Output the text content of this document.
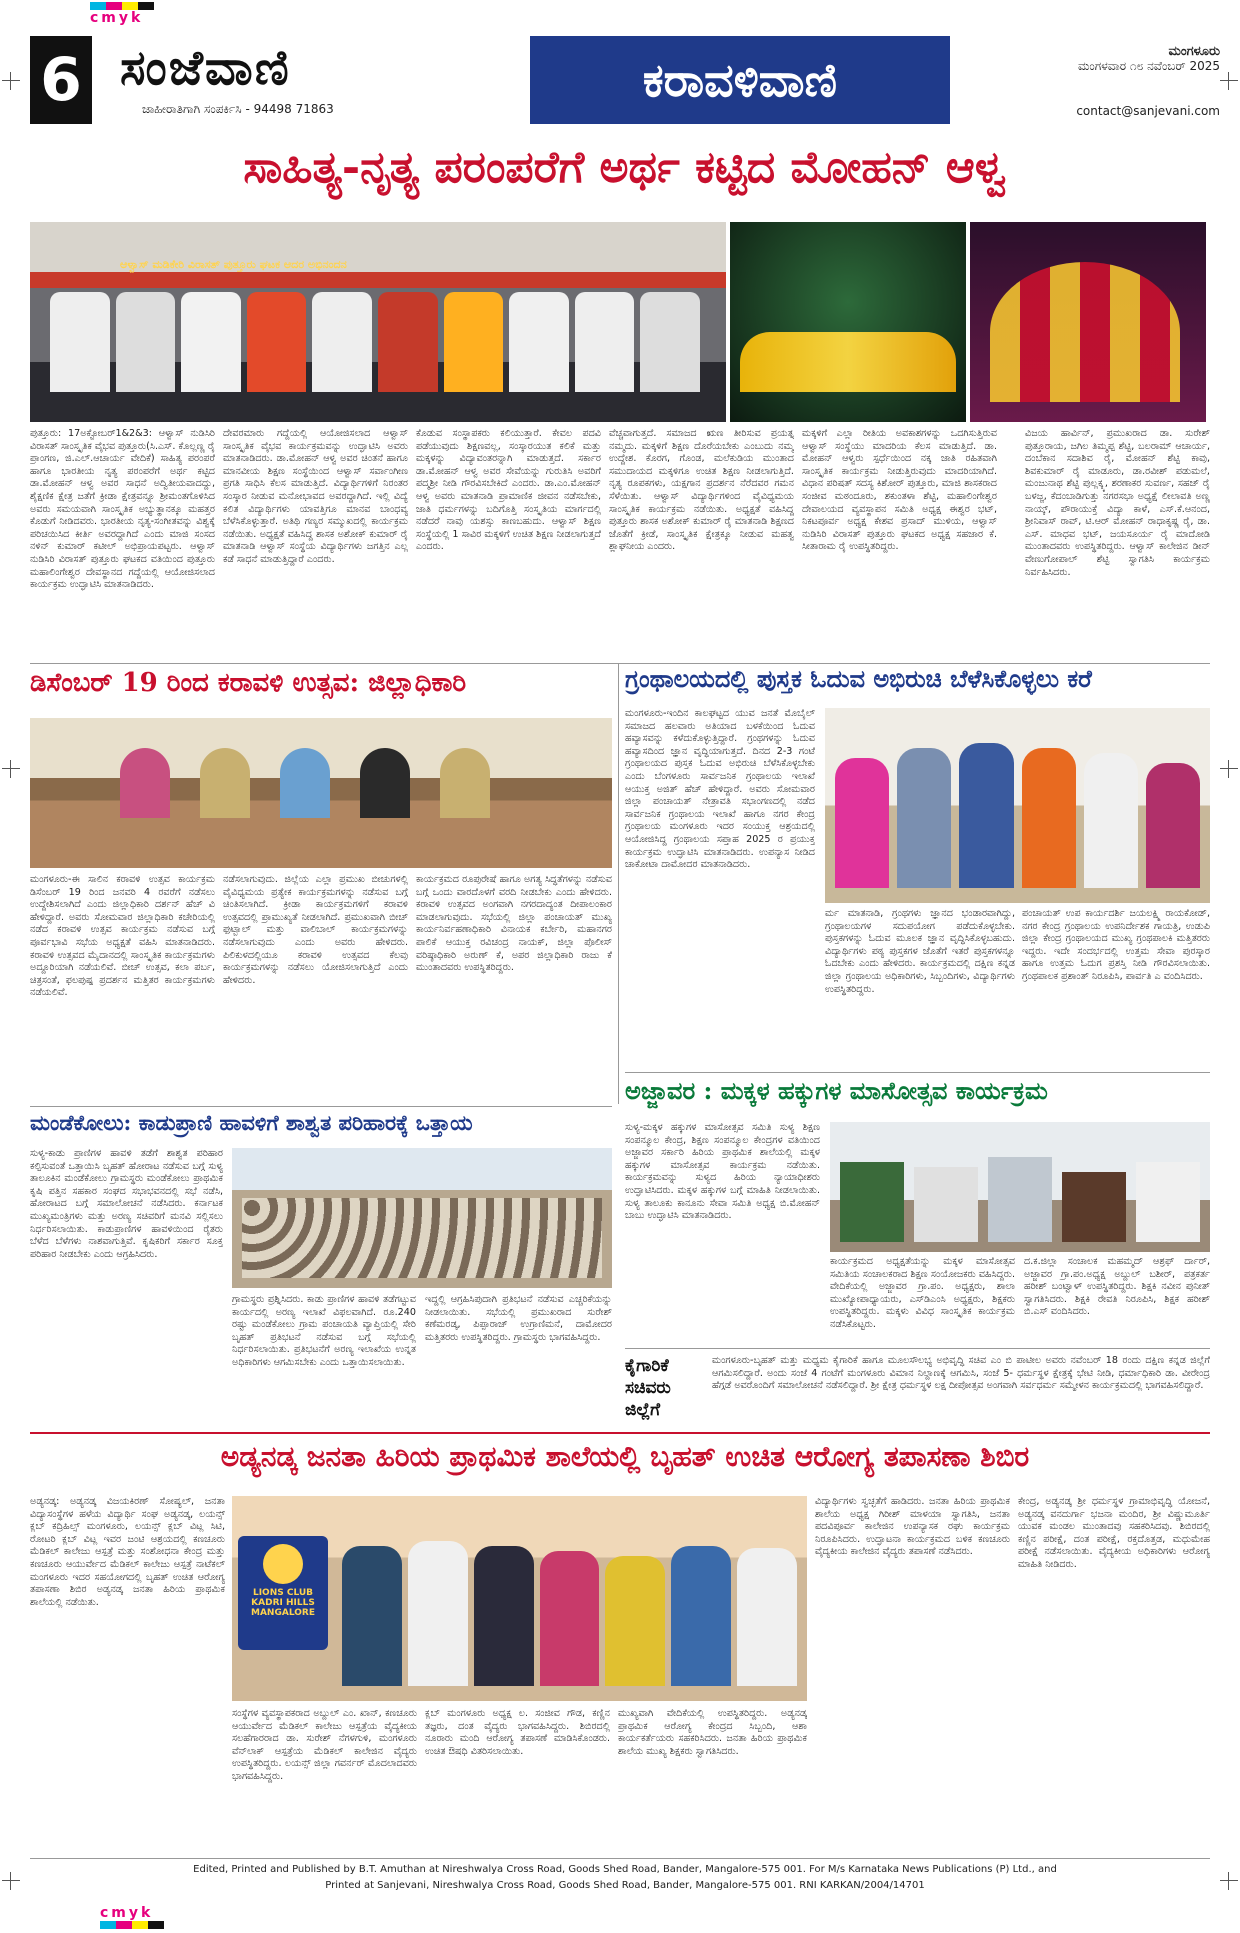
cmyk
6 ಸಂಜೆವಾಣಿ
ಜಾಹೀರಾತಿಗಾಗಿ ಸಂಪರ್ಕಿಸಿ - 94498 71863
ಕರಾವಳಿವಾಣಿ
ಮಂಗಳೂರು
ಮಂಗಳವಾರ ೧೮ ನವೆಂಬರ್ 2025
contact@sanjevani.com
ಸಾಹಿತ್ಯ-ನೃತ್ಯ ಪರಂಪರೆಗೆ ಅರ್ಥ ಕಟ್ಟಿದ ಮೋಹನ್ ಆಳ್ವ
ಆಳ್ವಾಸ್ ಮಡಿಕೇರಿ ವಿರಾಸತ್ ಪುತ್ತೂರು ಘಟಕ ಆದರ ಅಭಿನಂದನ
ಪುತ್ತೂರು: 17ಅಕ್ಟೋಬರ್1&2&3: ಆಳ್ವಾಸ್ ನುಡಿಸಿರಿ ವಿರಾಸತ್ ಸಾಂಸ್ಕೃತಿಕ ವೈಭವ ಪುತ್ತೂರು(ಸಿ.ಎಸ್. ಕೊಲ್ಲಣ್ಣ ರೈ ಪ್ರಾಂಗಣ, ಜಿ.ಎಲ್.ಆಚಾರ್ಯ ವೇದಿಕೆ) ಸಾಹಿತ್ಯ ಪರಂಪರೆ ಹಾಗೂ ಭಾರತೀಯ ನೃತ್ಯ ಪರಂಪರೆಗೆ ಅರ್ಥ ಕಟ್ಟಿದ ಡಾ.ಮೋಹನ್ ಆಳ್ವ ಅವರ ಸಾಧನೆ ಅದ್ವಿತೀಯವಾದದ್ದು, ಶೈಕ್ಷಣಿಕ ಕ್ಷೇತ್ರ ಜತೆಗೆ ಕ್ರೀಡಾ ಕ್ಷೇತ್ರವನ್ನೂ ಶ್ರೀಮಂತಗೊಳಿಸಿದ ಅವರು ಸಮಯವಾಗಿ ಸಾಂಸ್ಕೃತಿಕ ಅಭ್ಯುತ್ಥಾನಕ್ಕೂ ಮಹತ್ತರ ಕೊಡುಗೆ ನೀಡಿದವರು. ಭಾರತೀಯ ನೃತ್ಯ-ಸಂಗೀತವನ್ನು ವಿಶ್ವಕ್ಕೆ ಪರಿಚಯಿಸಿದ ಕೀರ್ತಿ ಅವರದ್ದಾಗಿದೆ ಎಂದು ಮಾಜಿ ಸಂಸದ ನಳಿನ್ ಕುಮಾರ್ ಕಟೀಲ್ ಅಭಿಪ್ರಾಯಪಟ್ಟರು. ಆಳ್ವಾಸ್ ನುಡಿಸಿರಿ ವಿರಾಸತ್ ಪುತ್ತೂರು ಘಟಕದ ವತಿಯಿಂದ ಪುತ್ತೂರು ಮಹಾಲಿಂಗೇಶ್ವರ ದೇವಸ್ಥಾನದ ಗದ್ದೆಯಲ್ಲಿ ಆಯೋಜಿಸಲಾದ ಕಾರ್ಯಕ್ರಮ ಉದ್ಘಾಟಿಸಿ ಮಾತನಾಡಿದರು.
ದೇವರಮಾರು ಗದ್ದೆಯಲ್ಲಿ ಆಯೋಜಿಸಲಾದ ಆಳ್ವಾಸ್ ಸಾಂಸ್ಕೃತಿಕ ವೈಭವ ಕಾರ್ಯಕ್ರಮವನ್ನು ಉದ್ಘಾಟಿಸಿ ಅವರು ಮಾತನಾಡಿದರು. ಡಾ.ಮೋಹನ್ ಆಳ್ವ ಅವರ ಚಿಂತನೆ ಹಾಗೂ ಮಾನವೀಯ ಶಿಕ್ಷಣ ಸಂಸ್ಥೆಯಿಂದ ಆಳ್ವಾಸ್ ಸರ್ವಾಂಗೀಣ ಪ್ರಗತಿ ಸಾಧಿಸಿ ಕೆಲಸ ಮಾಡುತ್ತಿದೆ. ವಿದ್ಯಾರ್ಥಿಗಳಿಗೆ ನಿರಂತರ ಸಂಸ್ಕಾರ ನೀಡುವ ಮನೋಭಾವದ ಅವರದ್ದಾಗಿದೆ. ಇಲ್ಲಿ ವಿದ್ಯೆ ಕಲಿತ ವಿದ್ಯಾರ್ಥಿಗಳು ಯಾವತ್ತಿಗೂ ಮಾನವ ಬಾಂಧವ್ಯ ಬೆಳೆಸಿಕೊಳ್ಳುತ್ತಾರೆ. ಅತಿಥಿ ಗಣ್ಯರ ಸಮ್ಮುಖದಲ್ಲಿ ಕಾರ್ಯಕ್ರಮ ನಡೆಯಿತು. ಅಧ್ಯಕ್ಷತೆ ವಹಿಸಿದ್ದ ಶಾಸಕ ಅಶೋಕ್ ಕುಮಾರ್ ರೈ ಮಾತನಾಡಿ ಆಳ್ವಾಸ್ ಸಂಸ್ಥೆಯ ವಿದ್ಯಾರ್ಥಿಗಳು ಜಗತ್ತಿನ ಎಲ್ಲ ಕಡೆ ಸಾಧನೆ ಮಾಡುತ್ತಿದ್ದಾರೆ ಎಂದರು.
ಕೊಡುವ ಸಂಸ್ಥಾಪಕರು ಕಲಿಯುತ್ತಾರೆ. ಕೇವಲ ಪದವಿ ಪಡೆಯುವುದು ಶಿಕ್ಷಣವಲ್ಲ, ಸಂಸ್ಕಾರಯುತ ಕಲಿಕೆ ಮತ್ತು ಮಕ್ಕಳನ್ನು ವಿದ್ಯಾವಂತರನ್ನಾಗಿ ಮಾಡುತ್ತದೆ. ಸರ್ಕಾರ ಡಾ.ಮೋಹನ್ ಆಳ್ವ ಅವರ ಸೇವೆಯನ್ನು ಗುರುತಿಸಿ ಅವರಿಗೆ ಪದ್ಮಶ್ರೀ ನೀಡಿ ಗೌರವಿಸಬೇಕಿದೆ ಎಂದರು. ಡಾ.ಎಂ.ಮೋಹನ್ ಆಳ್ವ ಅವರು ಮಾತನಾಡಿ ಪ್ರಾಮಾಣಿಕ ಜೀವನ ನಡೆಸಬೇಕು, ಜಾತಿ ಧರ್ಮಗಳನ್ನು ಬದಿಗೊತ್ತಿ ಸಂಸ್ಕೃತಿಯ ಮಾರ್ಗದಲ್ಲಿ ನಡೆದರೆ ನಾವು ಯಶಸ್ಸು ಕಾಣಬಹುದು. ಆಳ್ವಾಸ್ ಶಿಕ್ಷಣ ಸಂಸ್ಥೆಯಲ್ಲಿ 1 ಸಾವಿರ ಮಕ್ಕಳಿಗೆ ಉಚಿತ ಶಿಕ್ಷಣ ನೀಡಲಾಗುತ್ತದೆ ಎಂದರು.
ವೆಚ್ಚವಾಗುತ್ತದೆ. ಸಮಾಜದ ಋಣ ತೀರಿಸುವ ಪ್ರಯತ್ನ ನಮ್ಮದು. ಮಕ್ಕಳಿಗೆ ಶಿಕ್ಷಣ ದೊರೆಯಬೇಕು ಎಂಬುದು ನಮ್ಮ ಉದ್ದೇಶ. ಕೊರಗ, ಗೊಂಡ, ಮಲೆಕುಡಿಯ ಮುಂತಾದ ಸಮುದಾಯದ ಮಕ್ಕಳಿಗೂ ಉಚಿತ ಶಿಕ್ಷಣ ನೀಡಲಾಗುತ್ತಿದೆ. ನೃತ್ಯ ರೂಪಕಗಳು, ಯಕ್ಷಗಾನ ಪ್ರದರ್ಶನ ನೆರೆದವರ ಗಮನ ಸೆಳೆಯಿತು. ಆಳ್ವಾಸ್ ವಿದ್ಯಾರ್ಥಿಗಳಿಂದ ವೈವಿಧ್ಯಮಯ ಸಾಂಸ್ಕೃತಿಕ ಕಾರ್ಯಕ್ರಮ ನಡೆಯಿತು. ಅಧ್ಯಕ್ಷತೆ ವಹಿಸಿದ್ದ ಪುತ್ತೂರು ಶಾಸಕ ಅಶೋಕ್ ಕುಮಾರ್ ರೈ ಮಾತನಾಡಿ ಶಿಕ್ಷಣದ ಜೊತೆಗೆ ಕ್ರೀಡೆ, ಸಾಂಸ್ಕೃತಿಕ ಕ್ಷೇತ್ರಕ್ಕೂ ನೀಡುವ ಮಹತ್ವ ಶ್ಲಾಘನೀಯ ಎಂದರು.
ಮಕ್ಕಳಿಗೆ ಎಲ್ಲಾ ರೀತಿಯ ಅವಕಾಶಗಳನ್ನು ಒದಗಿಸುತ್ತಿರುವ ಆಳ್ವಾಸ್ ಸಂಸ್ಥೆಯು ಮಾದರಿಯ ಕೆಲಸ ಮಾಡುತ್ತಿದೆ. ಡಾ. ಮೋಹನ್ ಆಳ್ವರು ಸ್ಪರ್ಧೆಯಿಂದ ನಕ್ಕ ಜಾತಿ ರಹಿತವಾಗಿ ಸಾಂಸ್ಕೃತಿಕ ಕಾರ್ಯಕ್ರಮ ನೀಡುತ್ತಿರುವುದು ಮಾದರಿಯಾಗಿದೆ. ವಿಧಾನ ಪರಿಷತ್ ಸದಸ್ಯ ಕಿಶೋರ್ ಪುತ್ತೂರು, ಮಾಜಿ ಶಾಸಕರಾದ ಸಂಜೀವ ಮಠಂದೂರು, ಶಕುಂತಳಾ ಶೆಟ್ಟಿ, ಮಹಾಲಿಂಗೇಶ್ವರ ದೇವಾಲಯದ ವ್ಯವಸ್ಥಾಪನ ಸಮಿತಿ ಅಧ್ಯಕ್ಷ ಈಶ್ವರ ಭಟ್, ನಿಕಟಪೂರ್ವ ಅಧ್ಯಕ್ಷ ಕೇಶವ ಪ್ರಸಾದ್ ಮುಳಿಯ, ಆಳ್ವಾಸ್ ನುಡಿಸಿರಿ ವಿರಾಸತ್ ಪುತ್ತೂರು ಘಟಕದ ಅಧ್ಯಕ್ಷ ಸಹಜಾರ ಕೆ. ಸೀತಾರಾಮ ರೈ ಉಪಸ್ಥಿತರಿದ್ದರು.
ವಿಜಯ ಹಾರ್ವಿನ್, ಪ್ರಮುಖರಾದ ಡಾ. ಸುರೇಶ್ ಪುತ್ತೂರಾಯ, ಜಗಿಲ ತಿಮ್ಮಪ್ಪ ಶೆಟ್ಟಿ, ಬಲರಾಮ್ ಆಚಾರ್ಯ, ದಂಬೆಕಾನ ಸದಾಶಿವ ರೈ, ಮೋಹನ್ ಶೆಟ್ಟಿ ಕಾವು, ಶಿವಕುಮಾರ್ ರೈ ಮಾಡೂರು, ಡಾ.ರವೀಶ್ ಪಡುಮಲೆ, ಮಂಜುನಾಥ ಶೆಟ್ಟಿ ಪುಲ್ಲಕ್ಕ್ಕ, ಶರಣಾಕರ ಸುವರ್ಣ, ಸಹಜ್ ರೈ ಬಳಜ್ಜ, ಕೆದಂಬಾಡಿಗುತ್ತು ನಗರಸಭಾ ಅಧ್ಯಕ್ಷೆ ಲೀಲಾವತಿ ಅಣ್ಣ ನಾಯ್ಕ್, ಪೌರಾಯುಕ್ತೆ ವಿದ್ಯಾ ಕಾಳೆ, ಎಸ್.ಕೆ.ಆನಂದ, ಶ್ರೀನಿವಾಸ್ ರಾವ್, ಟಿ.ಆರ್ ಮೋಹನ್ ರಾಧಾಕೃಷ್ಣ ರೈ, ಡಾ. ಎಸ್. ಮಾಧವ ಭಟ್, ಜಯಸೂರ್ಯ ರೈ ಮಾದೋಡಿ ಮುಂತಾದವರು ಉಪಸ್ಥಿತರಿದ್ದರು. ಆಳ್ವಾಸ್ ಕಾಲೇಜಿನ ಡೀನ್ ವೇಣುಗೋಪಾಲ್ ಶೆಟ್ಟಿ ಸ್ವಾಗತಿಸಿ ಕಾರ್ಯಕ್ರಮ ನಿರ್ವಹಿಸಿದರು.
ಡಿಸೆಂಬರ್ 19 ರಿಂದ ಕರಾವಳಿ ಉತ್ಸವ: ಜಿಲ್ಲಾಧಿಕಾರಿ
ಮಂಗಳೂರು-ಈ ಸಾಲಿನ ಕರಾವಳಿ ಉತ್ಸವ ಕಾರ್ಯಕ್ರಮ ಡಿಸೆಂಬರ್ 19 ರಿಂದ ಜನವರಿ 4 ರವರೆಗೆ ನಡೆಸಲು ಉದ್ದೇಶಿಸಲಾಗಿದೆ ಎಂದು ಜಿಲ್ಲಾಧಿಕಾರಿ ದರ್ಶನ್ ಹೆಚ್ ವಿ ಹೇಳಿದ್ದಾರೆ. ಅವರು ಸೋಮವಾರ ಜಿಲ್ಲಾಧಿಕಾರಿ ಕಚೇರಿಯಲ್ಲಿ ನಡೆದ ಕರಾವಳಿ ಉತ್ಸವ ಕಾರ್ಯಕ್ರಮ ನಡೆಸುವ ಬಗ್ಗೆ ಪೂರ್ವಭಾವಿ ಸಭೆಯ ಅಧ್ಯಕ್ಷತೆ ವಹಿಸಿ ಮಾತನಾಡಿದರು. ಕರಾವಳಿ ಉತ್ಸವದ ಮೈದಾನದಲ್ಲಿ ಸಾಂಸ್ಕೃತಿಕ ಕಾರ್ಯಕ್ರಮಗಳು ಅದ್ದೂರಿಯಾಗಿ ನಡೆಯಲಿವೆ. ಬೀಚ್ ಉತ್ಸವ, ಕಲಾ ಪರ್ಬ, ಚಿತ್ರಸಂತೆ, ಫಲಪುಷ್ಪ ಪ್ರದರ್ಶನ ಮತ್ತಿತರ ಕಾರ್ಯಕ್ರಮಗಳು ನಡೆಯಲಿವೆ.
ನಡೆಸಲಾಗುವುದು. ಜಿಲ್ಲೆಯ ಎಲ್ಲಾ ಪ್ರಮುಖ ಬೀಚುಗಳಲ್ಲಿ ವೈವಿಧ್ಯಮಯ ಪ್ರತ್ಯೇಕ ಕಾರ್ಯಕ್ರಮಗಳನ್ನು ನಡೆಸುವ ಬಗ್ಗೆ ಚಿಂತಿಸಲಾಗಿದೆ. ಕ್ರೀಡಾ ಕಾರ್ಯಕ್ರಮಗಳಿಗೆ ಕರಾವಳಿ ಉತ್ಸವದಲ್ಲಿ ಪ್ರಾಮುಖ್ಯತೆ ನೀಡಲಾಗಿದೆ. ಪ್ರಮುಖವಾಗಿ ಬೀಚ್ ಫುಟ್ಬಾಲ್ ಮತ್ತು ವಾಲಿಬಾಲ್ ಕಾರ್ಯಕ್ರಮಗಳನ್ನು ನಡೆಸಲಾಗುವುದು ಎಂದು ಅವರು ಹೇಳಿದರು. ಪಿಲಿಕುಳದಲ್ಲಿಯೂ ಕರಾವಳಿ ಉತ್ಸವದ ಕೆಲವು ಕಾರ್ಯಕ್ರಮಗಳನ್ನು ನಡೆಸಲು ಯೋಜಿಸಲಾಗುತ್ತಿದೆ ಎಂದು ಹೇಳಿದರು.
ಕಾರ್ಯಕ್ರಮದ ರೂಪುರೇಷೆ ಹಾಗೂ ಅಗತ್ಯ ಸಿದ್ಧತೆಗಳನ್ನು ನಡೆಸುವ ಬಗ್ಗೆ ಒಂದು ವಾರದೊಳಗೆ ವರದಿ ನೀಡಬೇಕು ಎಂದು ಹೇಳಿದರು. ಕರಾವಳಿ ಉತ್ಸವದ ಅಂಗವಾಗಿ ನಗರದಾದ್ಯಂತ ದೀಪಾಲಂಕಾರ ಮಾಡಲಾಗುವುದು. ಸಭೆಯಲ್ಲಿ ಜಿಲ್ಲಾ ಪಂಚಾಯತ್ ಮುಖ್ಯ ಕಾರ್ಯನಿರ್ವಹಣಾಧಿಕಾರಿ ವಿನಾಯಕ ಕರ್ಬೇರಿ, ಮಹಾನಗರ ಪಾಲಿಕೆ ಆಯುಕ್ತ ರವಿಚಂದ್ರ ನಾಯಕ್, ಜಿಲ್ಲಾ ಪೊಲೀಸ್ ವರಿಷ್ಠಾಧಿಕಾರಿ ಅರುಣ್ ಕೆ, ಅಪರ ಜಿಲ್ಲಾಧಿಕಾರಿ ರಾಜು ಕೆ ಮುಂತಾದವರು ಉಪಸ್ಥಿತರಿದ್ದರು.
ಗ್ರಂಥಾಲಯದಲ್ಲಿ ಪುಸ್ತಕ ಓದುವ ಅಭಿರುಚಿ ಬೆಳೆಸಿಕೊಳ್ಳಲು ಕರೆ
ಮಂಗಳೂರು-ಇಂದಿನ ಕಾಲಘಟ್ಟದ ಯುವ ಜನತೆ ಮೊಬೈಲ್ ಸಮಾಜದ ಹಲವಾರು ಅತಿಯಾದ ಬಳಕೆಯಿಂದ ಓದುವ ಹವ್ಯಾಸವನ್ನು ಕಳೆದುಕೊಳ್ಳುತ್ತಿದ್ದಾರೆ. ಗ್ರಂಥಗಳನ್ನು ಓದುವ ಹವ್ಯಾಸದಿಂದ ಜ್ಞಾನ ವೃದ್ಧಿಯಾಗುತ್ತದೆ. ದಿನದ 2-3 ಗಂಟೆ ಗ್ರಂಥಾಲಯದ ಪುಸ್ತಕ ಓದುವ ಅಭಿರುಚಿ ಬೆಳೆಸಿಕೊಳ್ಳಬೇಕು ಎಂದು ಬೆಂಗಳೂರು ಸಾರ್ವಜನಿಕ ಗ್ರಂಥಾಲಯ ಇಲಾಖೆ ಆಯುಕ್ತ ಅಜಿತ್ ಹೆಚ್ ಹೇಳಿದ್ದಾರೆ. ಅವರು ಸೋಮವಾರ ಜಿಲ್ಲಾ ಪಂಚಾಯತ್ ನೇತ್ರಾವತಿ ಸಭಾಂಗಣದಲ್ಲಿ ನಡೆದ ಸಾರ್ವಜನಿಕ ಗ್ರಂಥಾಲಯ ಇಲಾಖೆ ಹಾಗೂ ನಗರ ಕೇಂದ್ರ ಗ್ರಂಥಾಲಯ ಮಂಗಳೂರು ಇದರ ಸಂಯುಕ್ತ ಆಶ್ರಯದಲ್ಲಿ ಆಯೋಜಿಸಿದ್ದ ಗ್ರಂಥಾಲಯ ಸಪ್ತಾಹ 2025 ರ ಪ್ರಯುಕ್ತ ಕಾರ್ಯಕ್ರಮ ಉದ್ಘಾಟಿಸಿ ಮಾತನಾಡಿದರು. ಉಪನ್ಯಾಸ ನೀಡಿದ ಚಾಕೋಟಾ ದಾಮೋದರ ಮಾತನಾಡಿದರು.
ರ್ಮ ಮಾತನಾಡಿ, ಗ್ರಂಥಗಳು ಜ್ಞಾನದ ಭಂಡಾರವಾಗಿದ್ದು, ಗ್ರಂಥಾಲಯಗಳ ಸದುಪಯೋಗ ಪಡೆದುಕೊಳ್ಳಬೇಕು. ಪುಸ್ತಕಗಳನ್ನು ಓದುವ ಮೂಲಕ ಜ್ಞಾನ ವೃದ್ಧಿಸಿಕೊಳ್ಳಬಹುದು. ವಿದ್ಯಾರ್ಥಿಗಳು ಪಠ್ಯ ಪುಸ್ತಕಗಳ ಜೊತೆಗೆ ಇತರೆ ಪುಸ್ತಕಗಳನ್ನೂ ಓದಬೇಕು ಎಂದು ಹೇಳಿದರು. ಕಾರ್ಯಕ್ರಮದಲ್ಲಿ ದಕ್ಷಿಣ ಕನ್ನಡ ಜಿಲ್ಲಾ ಗ್ರಂಥಾಲಯ ಅಧಿಕಾರಿಗಳು, ಸಿಬ್ಬಂದಿಗಳು, ವಿದ್ಯಾರ್ಥಿಗಳು ಉಪಸ್ಥಿತರಿದ್ದರು.
ಪಂಚಾಯತ್ ಉಪ ಕಾರ್ಯದರ್ಶಿ ಜಯಲಕ್ಷ್ಮಿ ರಾಯಕೋಡ್, ನಗರ ಕೇಂದ್ರ ಗ್ರಂಥಾಲಯ ಉಪನಿರ್ದೇಶಕ ಗಾಯತ್ರಿ, ಉಡುಪಿ ಜಿಲ್ಲಾ ಕೇಂದ್ರ ಗ್ರಂಥಾಲಯದ ಮುಖ್ಯ ಗ್ರಂಥಪಾಲಕಿ ಮತ್ತಿತರರು ಇದ್ದರು. ಇದೇ ಸಂದರ್ಭದಲ್ಲಿ ಉತ್ತಮ ಸೇವಾ ಪುರಸ್ಕಾರ ಹಾಗೂ ಉತ್ತಮ ಓದುಗ ಪ್ರಶಸ್ತಿ ನೀಡಿ ಗೌರವಿಸಲಾಯಿತು. ಗ್ರಂಥಪಾಲಕ ಪ್ರಶಾಂತ್ ನಿರೂಪಿಸಿ, ಪಾರ್ವತಿ ಎ ವಂದಿಸಿದರು.
ಮಂಡೆಕೋಲು: ಕಾಡುಪ್ರಾಣಿ ಹಾವಳಿಗೆ ಶಾಶ್ವತ ಪರಿಹಾರಕ್ಕೆ ಒತ್ತಾಯ
ಸುಳ್ಯ-ಕಾಡು ಪ್ರಾಣಿಗಳ ಹಾವಳಿ ತಡೆಗೆ ಶಾಶ್ವತ ಪರಿಹಾರ ಕಲ್ಪಿಸುವಂತೆ ಒತ್ತಾಯಿಸಿ ಬೃಹತ್ ಹೋರಾಟ ನಡೆಸುವ ಬಗ್ಗೆ ಸುಳ್ಯ ತಾಲೂಕಿನ ಮಂಡೆಕೋಲು ಗ್ರಾಮಸ್ಥರು ಮಂಡೆಕೋಲು ಪ್ರಾಥಮಿಕ ಕೃಷಿ ಪತ್ತಿನ ಸಹಕಾರ ಸಂಘದ ಸಭಾಭವನದಲ್ಲಿ ಸಭೆ ನಡೆಸಿ, ಹೋರಾಟದ ಬಗ್ಗೆ ಸಮಾಲೋಚನೆ ನಡೆಸಿದರು. ಕರ್ನಾಟಕ ಮುಖ್ಯಮಂತ್ರಿಗಳು ಮತ್ತು ಅರಣ್ಯ ಸಚಿವರಿಗೆ ಮನವಿ ಸಲ್ಲಿಸಲು ನಿರ್ಧರಿಸಲಾಯಿತು. ಕಾಡುಪ್ರಾಣಿಗಳ ಹಾವಳಿಯಿಂದ ರೈತರು ಬೆಳೆದ ಬೆಳೆಗಳು ನಾಶವಾಗುತ್ತಿವೆ. ಕೃಷಿಕರಿಗೆ ಸರ್ಕಾರ ಸೂಕ್ತ ಪರಿಹಾರ ನೀಡಬೇಕು ಎಂದು ಆಗ್ರಹಿಸಿದರು.
ಗ್ರಾಮಸ್ಥರು ಪ್ರಶ್ನಿಸಿದರು. ಕಾಡು ಪ್ರಾಣಿಗಳ ಹಾವಳಿ ತಡೆಗಟ್ಟುವ ಕಾರ್ಯದಲ್ಲಿ ಅರಣ್ಯ ಇಲಾಖೆ ವಿಫಲವಾಗಿದೆ. ರೂ.240 ರಷ್ಟು ಮಂಡೆಕೋಲು ಗ್ರಾಮ ಪಂಚಾಯತಿ ವ್ಯಾಪ್ತಿಯಲ್ಲಿ ಸೇರಿ ಬೃಹತ್ ಪ್ರತಿಭಟನೆ ನಡೆಸುವ ಬಗ್ಗೆ ಸಭೆಯಲ್ಲಿ ನಿರ್ಧರಿಸಲಾಯಿತು. ಪ್ರತಿಭಟನೆಗೆ ಅರಣ್ಯ ಇಲಾಖೆಯ ಉನ್ನತ ಅಧಿಕಾರಿಗಳು ಆಗಮಿಸಬೇಕು ಎಂದು ಒತ್ತಾಯಿಸಲಾಯಿತು.
ಇದ್ದಲ್ಲಿ ಆಗ್ರಹಿಸಿಪುದಾಗಿ ಪ್ರತಿಭಟನೆ ನಡೆಸುವ ಎಚ್ಚರಿಕೆಯನ್ನು ನೀಡಲಾಯಿತು. ಸಭೆಯಲ್ಲಿ ಪ್ರಮುಖರಾದ ಸುರೇಶ್ ಕಣೆಮರಡ್ಕ, ಪಿಪ್ಪಾರಾಜ್ ಉಗ್ರಾಣಿಮನೆ, ದಾಮೋದರ ಮತ್ತಿತರರು ಉಪಸ್ಥಿತರಿದ್ದರು. ಗ್ರಾಮಸ್ಥರು ಭಾಗವಹಿಸಿದ್ದರು.
ಅಜ್ಜಾವರ : ಮಕ್ಕಳ ಹಕ್ಕುಗಳ ಮಾಸೋತ್ಸವ ಕಾರ್ಯಕ್ರಮ
ಸುಳ್ಯ-ಮಕ್ಕಳ ಹಕ್ಕುಗಳ ಮಾಸೋತ್ಸವ ಸಮಿತಿ ಸುಳ್ಯ ಶಿಕ್ಷಣ ಸಂಪನ್ಮೂಲ ಕೇಂದ್ರ, ಶಿಕ್ಷಣ ಸಂಪನ್ಮೂಲ ಕೇಂದ್ರಗಳ ವತಿಯಿಂದ ಅಜ್ಜಾವರ ಸರ್ಕಾರಿ ಹಿರಿಯ ಪ್ರಾಥಮಿಕ ಶಾಲೆಯಲ್ಲಿ ಮಕ್ಕಳ ಹಕ್ಕುಗಳ ಮಾಸೋತ್ಸವ ಕಾರ್ಯಕ್ರಮ ನಡೆಯಿತು. ಕಾರ್ಯಕ್ರಮವನ್ನು ಸುಳ್ಯದ ಹಿರಿಯ ನ್ಯಾಯಾಧೀಶರು ಉದ್ಘಾಟಿಸಿದರು. ಮಕ್ಕಳ ಹಕ್ಕುಗಳ ಬಗ್ಗೆ ಮಾಹಿತಿ ನೀಡಲಾಯಿತು. ಸುಳ್ಯ ತಾಲೂಕು ಕಾನೂನು ಸೇವಾ ಸಮಿತಿ ಅಧ್ಯಕ್ಷ ಬಿ.ಮೋಹನ್ ಬಾಬು ಉದ್ಘಾಟಿಸಿ ಮಾತನಾಡಿದರು.
ಕಾರ್ಯಕ್ರಮದ ಅಧ್ಯಕ್ಷತೆಯನ್ನು ಮಕ್ಕಳ ಮಾಸೋತ್ಸವ ಸಮಿತಿಯ ಸಂಚಾಲಕರಾದ ಶಿಕ್ಷಣ ಸಂಯೋಜಕರು ವಹಿಸಿದ್ದರು. ವೇದಿಕೆಯಲ್ಲಿ ಅಜ್ಜಾವರ ಗ್ರಾ.ಪಂ. ಅಧ್ಯಕ್ಷರು, ಶಾಲಾ ಮುಖ್ಯೋಪಾಧ್ಯಾಯರು, ಎಸ್‌ಡಿಎಂಸಿ ಅಧ್ಯಕ್ಷರು, ಶಿಕ್ಷಕರು ಉಪಸ್ಥಿತರಿದ್ದರು. ಮಕ್ಕಳು ವಿವಿಧ ಸಾಂಸ್ಕೃತಿಕ ಕಾರ್ಯಕ್ರಮ ನಡೆಸಿಕೊಟ್ಟರು.
ದ.ಕ.ಜಿಲ್ಲಾ ಸಂಚಾಲಕ ಮಹಮ್ಮದ್ ಆಶ್ರಫ್ ರ್ದಾರ್, ಅಜ್ಜಾವರ ಗ್ರಾ.ಪಂ.ಅಧ್ಯಕ್ಷ ಅಬ್ದುಲ್ ಬಶೀರ್, ಪತ್ರಕರ್ತ ಹರೀಶ್ ಬಂಟ್ವಾಳ್ ಉಪಸ್ಥಿತರಿದ್ದರು. ಶಿಕ್ಷಕಿ ನವೀನ ಪುನೀತ್ ಸ್ವಾಗತಿಸಿದರು. ಶಿಕ್ಷಕಿ ರೇವತಿ ನಿರೂಪಿಸಿ, ಶಿಕ್ಷಕ ಹರೀಶ್ ಬಿ.ಎಸ್ ವಂದಿಸಿದರು.
ಕೈಗಾರಿಕೆ ಸಚಿವರು ಜಿಲ್ಲೆಗೆ
ಮಂಗಳೂರು-ಬೃಹತ್ ಮತ್ತು ಮಧ್ಯಮ ಕೈಗಾರಿಕೆ ಹಾಗೂ ಮೂಲಸೌಲಭ್ಯ ಅಭಿವೃದ್ಧಿ ಸಚಿವ ಎಂ ಬಿ ಪಾಟೀಲ ಅವರು ನವೆಂಬರ್ 18 ರಂದು ದಕ್ಷಿಣ ಕನ್ನಡ ಜಿಲ್ಲೆಗೆ ಆಗಮಿಸಲಿದ್ದಾರೆ. ಅಂದು ಸಂಜೆ 4 ಗಂಟೆಗೆ ಮಂಗಳೂರು ವಿಮಾನ ನಿಲ್ದಾಣಕ್ಕೆ ಆಗಮಿಸಿ, ಸಂಜೆ 5- ಧರ್ಮಸ್ಥಳ ಕ್ಷೇತ್ರಕ್ಕೆ ಭೇಟಿ ನೀಡಿ, ಧರ್ಮಾಧಿಕಾರಿ ಡಾ. ವೀರೇಂದ್ರ ಹೆಗ್ಗಡೆ ಅವರೊಂದಿಗೆ ಸಮಾಲೋಚನೆ ನಡೆಸಲಿದ್ದಾರೆ. ಶ್ರೀ ಕ್ಷೇತ್ರ ಧರ್ಮಸ್ಥಳ ಲಕ್ಷ ದೀಪೋತ್ಸವ ಅಂಗವಾಗಿ ಸರ್ವಧರ್ಮ ಸಮ್ಮೇಳನ ಕಾರ್ಯಕ್ರಮದಲ್ಲಿ ಭಾಗವಹಿಸಲಿದ್ದಾರೆ.
ಅಡ್ಯನಡ್ಕ ಜನತಾ ಹಿರಿಯ ಪ್ರಾಥಮಿಕ ಶಾಲೆಯಲ್ಲಿ ಬೃಹತ್ ಉಚಿತ ಆರೋಗ್ಯ ತಪಾಸಣಾ ಶಿಬಿರ
ಅಡ್ಯನಡ್ಕ: ಅಡ್ಯನಡ್ಕ ವಿಜಯಕಿರಣ್ ಸೋಷ್ಯಲ್, ಜನತಾ ವಿದ್ಯಾಸಂಸ್ಥೆಗಳ ಹಳೆಯ ವಿದ್ಯಾರ್ಥಿ ಸಂಘ ಅಡ್ಯನಡ್ಕ, ಲಯನ್ಸ್ ಕ್ಲಬ್ ಕದ್ರಿಹಿಲ್ಸ್ ಮಂಗಳೂರು, ಲಯನ್ಸ್ ಕ್ಲಬ್ ವಿಟ್ಲ ಸಿಟಿ, ರೋಟರಿ ಕ್ಲಬ್ ವಿಟ್ಲ ಇವರ ಜಂಟಿ ಆಶ್ರಯದಲ್ಲಿ ಕಣಚೂರು ಮೆಡಿಕಲ್ ಕಾಲೇಜು ಆಸ್ಪತ್ರೆ ಮತ್ತು ಸಂಶೋಧನಾ ಕೇಂದ್ರ ಮತ್ತು ಕಣಚೂರು ಆಯುರ್ವೇದ ಮೆಡಿಕಲ್ ಕಾಲೇಜು ಆಸ್ಪತ್ರೆ ನಾಟೆಕಲ್ ಮಂಗಳೂರು ಇದರ ಸಹಯೋಗದಲ್ಲಿ ಬೃಹತ್ ಉಚಿತ ಆರೋಗ್ಯ ತಪಾಸಣಾ ಶಿಬಿರ ಅಡ್ಯನಡ್ಕ ಜನತಾ ಹಿರಿಯ ಪ್ರಾಥಮಿಕ ಶಾಲೆಯಲ್ಲಿ ನಡೆಯಿತು.
LIONS CLUB KADRI HILLS MANGALORE
ಸಂಸ್ಥೆಗಳ ವ್ಯವಸ್ಥಾಪಕರಾದ ಅಬ್ದುಲ್ ಎಂ. ಖಾನ್, ಕಣಚೂರು ಆಯುರ್ವೇದ ಮೆಡಿಕಲ್ ಕಾಲೇಜು ಆಸ್ಪತ್ರೆಯ ವೈದ್ಯಕೀಯ ಸಲಹೆಗಾರರಾದ ಡಾ. ಸುರೇಶ್ ನೆಗಳಗುಳಿ, ಮಂಗಳೂರು ವೆನ್‌ಲಾಕ್ ಆಸ್ಪತ್ರೆಯ ಮೆಡಿಕಲ್ ಕಾಲೇಜಿನ ವೈದ್ಯರು ಉಪಸ್ಥಿತರಿದ್ದರು. ಲಯನ್ಸ್ ಜಿಲ್ಲಾ ಗವರ್ನರ್ ಮೊದಲಾದವರು ಭಾಗವಹಿಸಿದ್ದರು.
ಕ್ಲಬ್ ಮಂಗಳೂರು ಅಧ್ಯಕ್ಷ ಲ. ಸಂಜೀವ ಗೌಡ, ಕಣ್ಣಿನ ತಜ್ಞರು, ದಂತ ವೈದ್ಯರು ಭಾಗವಹಿಸಿದ್ದರು. ಶಿಬಿರದಲ್ಲಿ ನೂರಾರು ಮಂದಿ ಆರೋಗ್ಯ ತಪಾಸಣೆ ಮಾಡಿಸಿಕೊಂಡರು. ಉಚಿತ ಔಷಧಿ ವಿತರಿಸಲಾಯಿತು.
ಮುಖ್ಯವಾಗಿ ವೇದಿಕೆಯಲ್ಲಿ ಉಪಸ್ಥಿತರಿದ್ದರು. ಅಡ್ಯನಡ್ಕ ಪ್ರಾಥಮಿಕ ಆರೋಗ್ಯ ಕೇಂದ್ರದ ಸಿಬ್ಬಂದಿ, ಆಶಾ ಕಾರ್ಯಕರ್ತೆಯರು ಸಹಕರಿಸಿದರು. ಜನತಾ ಹಿರಿಯ ಪ್ರಾಥಮಿಕ ಶಾಲೆಯ ಮುಖ್ಯ ಶಿಕ್ಷಕರು ಸ್ವಾಗತಿಸಿದರು.
ವಿದ್ಯಾರ್ಥಿಗಳು ಸ್ವಚ್ಛತೆಗೆ ಹಾಡಿದರು. ಜನತಾ ಹಿರಿಯ ಪ್ರಾಥಮಿಕ ಶಾಲೆಯ ಅಧ್ಯಕ್ಷ ಗಿರೀಶ್ ಮಾಳಯಾ ಸ್ವಾಗತಿಸಿ, ಜನತಾ ಪದವಿಪೂರ್ವ ಕಾಲೇಜಿನ ಉಪನ್ಯಾಸಕ ರಘು ಕಾರ್ಯಕ್ರಮ ನಿರೂಪಿಸಿದರು. ಉದ್ಘಾಟನಾ ಕಾರ್ಯಕ್ರಮದ ಬಳಿಕ ಕಣಚೂರು ವೈದ್ಯಕೀಯ ಕಾಲೇಜಿನ ವೈದ್ಯರು ತಪಾಸಣೆ ನಡೆಸಿದರು.
ಕೇಂದ್ರ, ಅಡ್ಯನಡ್ಕ ಶ್ರೀ ಧರ್ಮಸ್ಥಳ ಗ್ರಾಮಾಭಿವೃದ್ಧಿ ಯೋಜನೆ, ಅಡ್ಯನಡ್ಕ ವನದುರ್ಗಾ ಭಜನಾ ಮಂದಿರ, ಶ್ರೀ ವಿಷ್ಣುಮೂರ್ತಿ ಯುವಕ ಮಂಡಲ ಮುಂತಾದವು ಸಹಕರಿಸಿದವು. ಶಿಬಿರದಲ್ಲಿ ಕಣ್ಣಿನ ಪರೀಕ್ಷೆ, ದಂತ ಪರೀಕ್ಷೆ, ರಕ್ತದೊತ್ತಡ, ಮಧುಮೇಹ ಪರೀಕ್ಷೆ ನಡೆಸಲಾಯಿತು. ವೈದ್ಯಕೀಯ ಅಧಿಕಾರಿಗಳು ಆರೋಗ್ಯ ಮಾಹಿತಿ ನೀಡಿದರು.
Edited, Printed and Published by B.T. Amuthan at Nireshwalya Cross Road, Goods Shed Road, Bander, Mangalore-575 001. For M/s Karnataka News Publications (P) Ltd., and
Printed at Sanjevani, Nireshwalya Cross Road, Goods Shed Road, Bander, Mangalore-575 001. RNI KARKAN/2004/14701
cmyk
